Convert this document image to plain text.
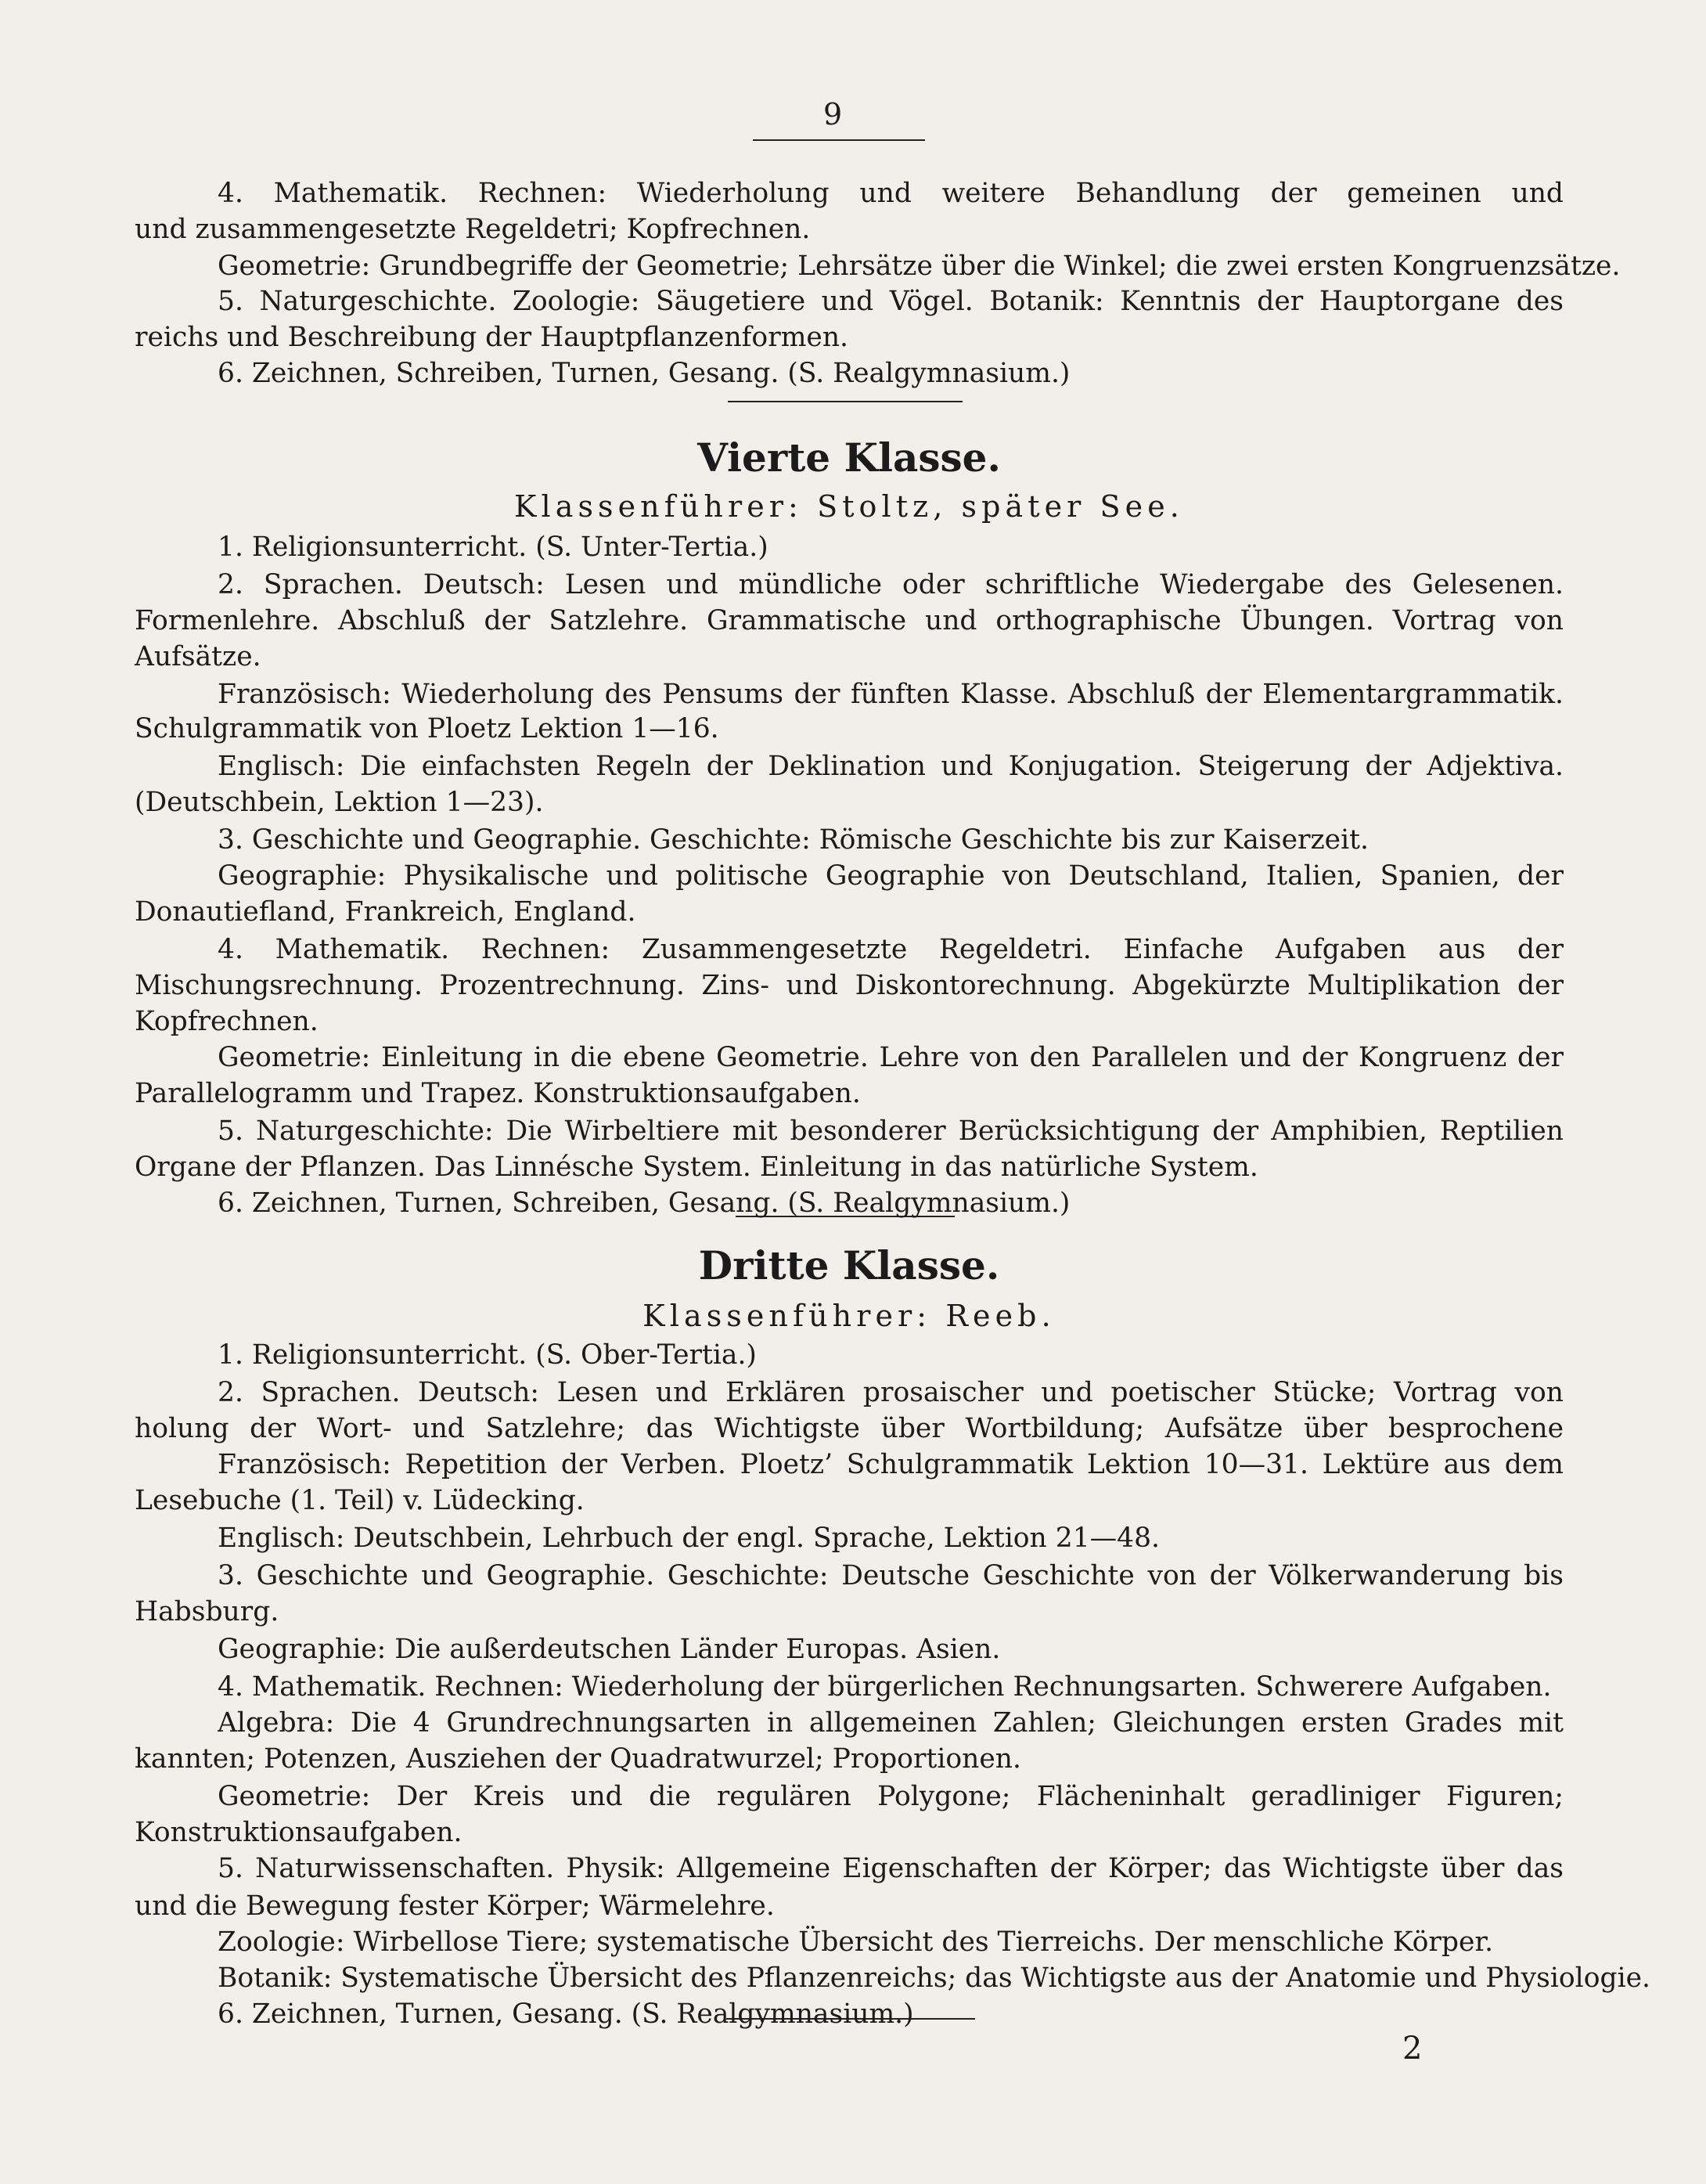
9
4. Mathematik. Rechnen: Wiederholung und weitere Behandlung der gemeinen und
und zusammengesetzte Regeldetri; Kopfrechnen.
Geometrie: Grundbegriffe der Geometrie; Lehrsätze über die Winkel; die zwei ersten Kongruenzsätze.
5. Naturgeschichte. Zoologie: Säugetiere und Vögel. Botanik: Kenntnis der Hauptorgane des
reichs und Beschreibung der Hauptpflanzenformen.
6. Zeichnen, Schreiben, Turnen, Gesang. (S. Realgymnasium.)
Vierte Klasse.
Klassenführer: Stoltz, später See.
1. Religionsunterricht. (S. Unter-Tertia.)
2. Sprachen. Deutsch: Lesen und mündliche oder schriftliche Wiedergabe des Gelesenen.
Formenlehre. Abschluß der Satzlehre. Grammatische und orthographische Übungen. Vortrag von
Aufsätze.
Französisch: Wiederholung des Pensums der fünften Klasse. Abschluß der Elementargrammatik.
Schulgrammatik von Ploetz Lektion 1—16.
Englisch: Die einfachsten Regeln der Deklination und Konjugation. Steigerung der Adjektiva.
(Deutschbein, Lektion 1—23).
3. Geschichte und Geographie. Geschichte: Römische Geschichte bis zur Kaiserzeit.
Geographie: Physikalische und politische Geographie von Deutschland, Italien, Spanien, der
Donautiefland, Frankreich, England.
4. Mathematik. Rechnen: Zusammengesetzte Regeldetri. Einfache Aufgaben aus der
Mischungsrechnung. Prozentrechnung. Zins- und Diskontorechnung. Abgekürzte Multiplikation der
Kopfrechnen.
Geometrie: Einleitung in die ebene Geometrie. Lehre von den Parallelen und der Kongruenz der
Parallelogramm und Trapez. Konstruktionsaufgaben.
5. Naturgeschichte: Die Wirbeltiere mit besonderer Berücksichtigung der Amphibien, Reptilien
Organe der Pflanzen. Das Linnésche System. Einleitung in das natürliche System.
6. Zeichnen, Turnen, Schreiben, Gesang. (S. Realgymnasium.)
Dritte Klasse.
Klassenführer: Reeb.
1. Religionsunterricht. (S. Ober-Tertia.)
2. Sprachen. Deutsch: Lesen und Erklären prosaischer und poetischer Stücke; Vortrag von
holung der Wort- und Satzlehre; das Wichtigste über Wortbildung; Aufsätze über besprochene
Französisch: Repetition der Verben. Ploetz’ Schulgrammatik Lektion 10—31. Lektüre aus dem
Lesebuche (1. Teil) v. Lüdecking.
Englisch: Deutschbein, Lehrbuch der engl. Sprache, Lektion 21—48.
3. Geschichte und Geographie. Geschichte: Deutsche Geschichte von der Völkerwanderung bis
Habsburg.
Geographie: Die außerdeutschen Länder Europas. Asien.
4. Mathematik. Rechnen: Wiederholung der bürgerlichen Rechnungsarten. Schwerere Aufgaben.
Algebra: Die 4 Grundrechnungsarten in allgemeinen Zahlen; Gleichungen ersten Grades mit
kannten; Potenzen, Ausziehen der Quadratwurzel; Proportionen.
Geometrie: Der Kreis und die regulären Polygone; Flächeninhalt geradliniger Figuren;
Konstruktionsaufgaben.
5. Naturwissenschaften. Physik: Allgemeine Eigenschaften der Körper; das Wichtigste über das
und die Bewegung fester Körper; Wärmelehre.
Zoologie: Wirbellose Tiere; systematische Übersicht des Tierreichs. Der menschliche Körper.
Botanik: Systematische Übersicht des Pflanzenreichs; das Wichtigste aus der Anatomie und Physiologie.
6. Zeichnen, Turnen, Gesang. (S. Realgymnasium.)
2
